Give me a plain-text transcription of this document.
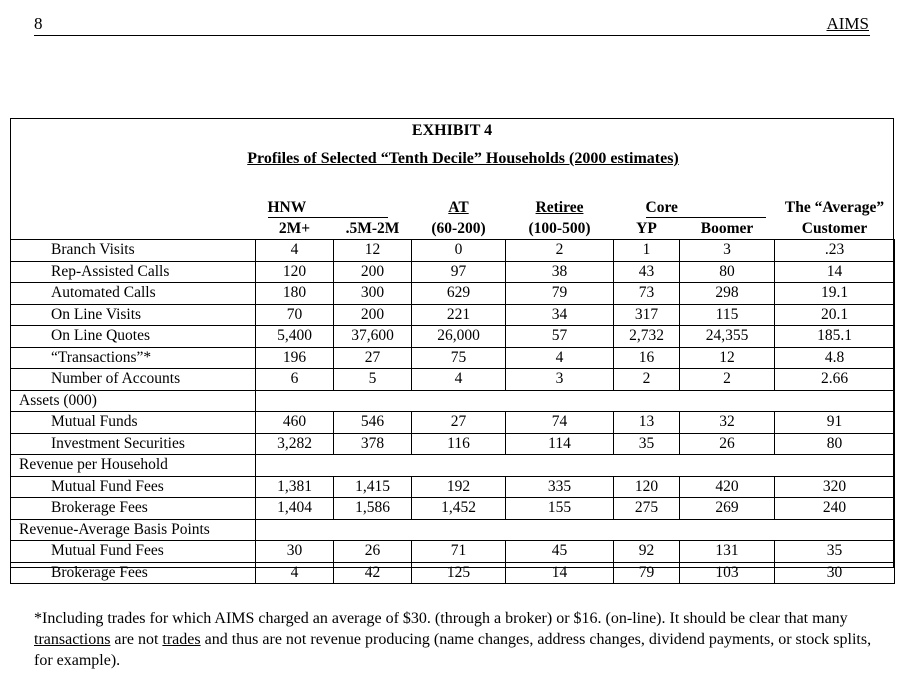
8	AIMS
EXHIBIT 4
Profiles of Selected “Tenth Decile” Households (2000 estimates)
	HNW		AT	Retiree	Core		The “Average”
	2M+	.5M-2M	(60-200)	(100-500)	YP	Boomer	Customer
Branch Visits	4	12	0	2	1	3	.23
Rep-Assisted Calls	120	200	97	38	43	80	14
Automated Calls	180	300	629	79	73	298	19.1
On Line Visits	70	200	221	34	317	115	20.1
On Line Quotes	5,400	37,600	26,000	57	2,732	24,355	185.1
“Transactions”*	196	27	75	4	16	12	4.8
Number of Accounts	6	5	4	3	2	2	2.66
Assets (000)							
Mutual Funds	460	546	27	74	13	32	91
Investment Securities	3,282	378	116	114	35	26	80
Revenue per Household							
Mutual Fund Fees	1,381	1,415	192	335	120	420	320
Brokerage Fees	1,404	1,586	1,452	155	275	269	240
Revenue-Average Basis Points							
Mutual Fund Fees	30	26	71	45	92	131	35
Brokerage Fees	4	42	125	14	79	103	30
*Including trades for which AIMS charged an average of $30. (through a broker) or $16. (on-line). It should be clear that many transactions are not trades and thus are not revenue producing (name changes, address changes, dividend payments, or stock splits, for example).
